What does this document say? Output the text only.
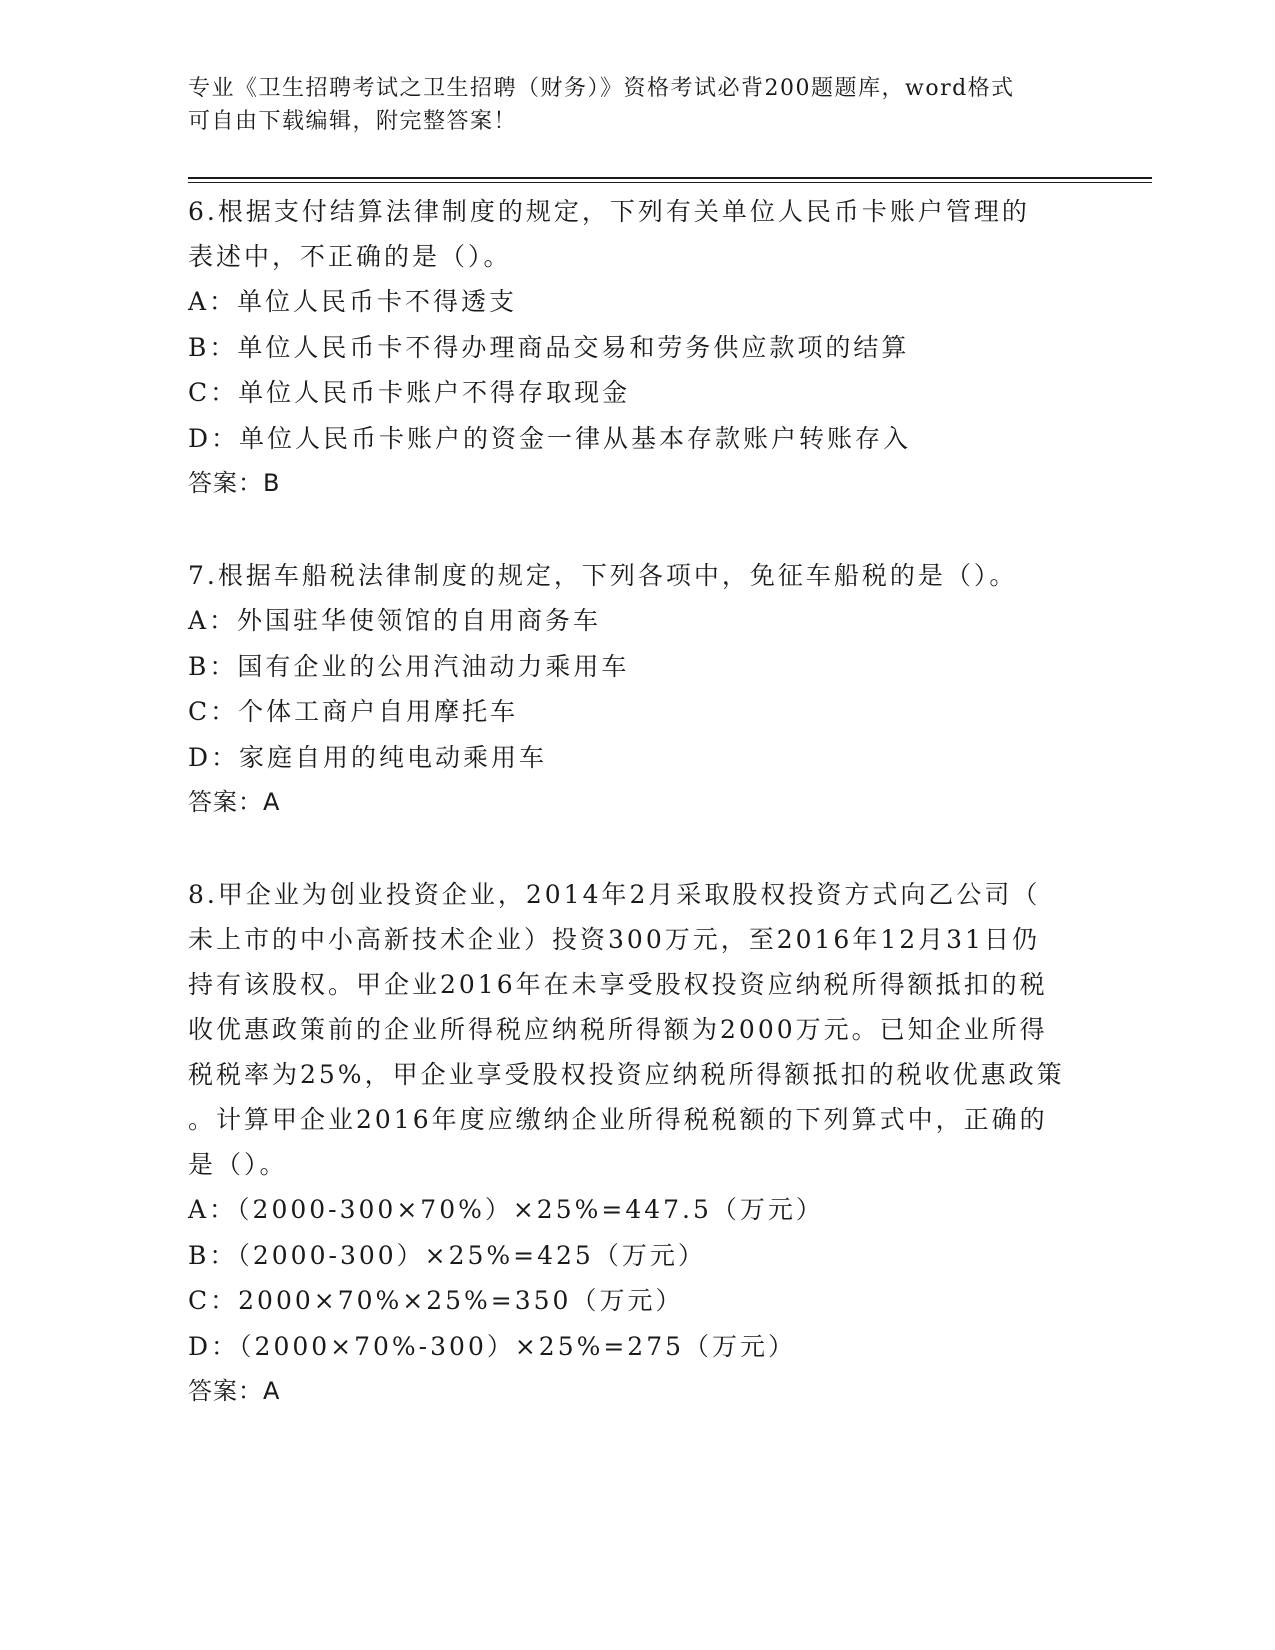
专业《卫生招聘考试之卫生招聘（财务）》资格考试必背200题题库，word格式
可自由下载编辑，附完整答案！

6.根据支付结算法律制度的规定，下列有关单位人民币卡账户管理的

表述中，不正确的是（）。

A：单位人民币卡不得透支

B：单位人民币卡不得办理商品交易和劳务供应款项的结算

C：单位人民币卡账户不得存取现金

D：单位人民币卡账户的资金一律从基本存款账户转账存入

答案：B

7.根据车船税法律制度的规定，下列各项中，免征车船税的是（）。

A：外国驻华使领馆的自用商务车

B：国有企业的公用汽油动力乘用车

C：个体工商户自用摩托车

D：家庭自用的纯电动乘用车

答案：A

8.甲企业为创业投资企业，2014年2月采取股权投资方式向乙公司（

未上市的中小高新技术企业）投资300万元，至2016年12月31日仍

持有该股权。甲企业2016年在未享受股权投资应纳税所得额抵扣的税

收优惠政策前的企业所得税应纳税所得额为2000万元。已知企业所得

税税率为25%，甲企业享受股权投资应纳税所得额抵扣的税收优惠政策

。计算甲企业2016年度应缴纳企业所得税税额的下列算式中，正确的

是（）。

A：（2000-300×70%）×25%=447.5（万元）

B：（2000-300）×25%=425（万元）

C：2000×70%×25%=350（万元）

D：（2000×70%-300）×25%=275（万元）

答案：A
